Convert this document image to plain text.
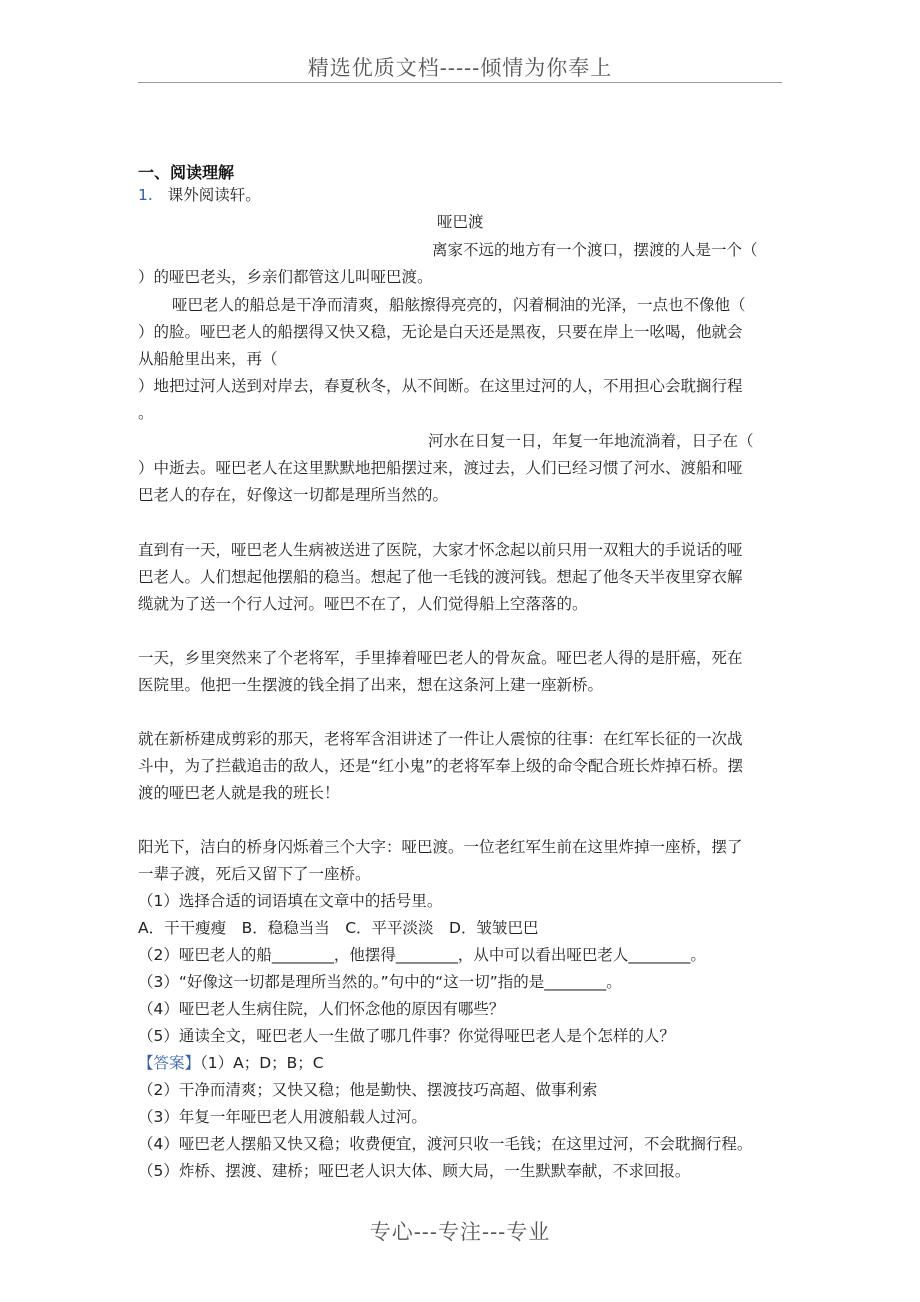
精选优质文档-----倾情为你奉上
一、阅读理解
1. 课外阅读轩。
哑巴渡
离家不远的地方有一个渡口，摆渡的人是一个（
）的哑巴老头，乡亲们都管这儿叫哑巴渡。
哑巴老人的船总是干净而清爽，船舷擦得亮亮的，闪着桐油的光泽，一点也不像他（
）的脸。哑巴老人的船摆得又快又稳，无论是白天还是黑夜，只要在岸上一吆喝，他就会
从船舱里出来，再（
）地把过河人送到对岸去，春夏秋冬，从不间断。在这里过河的人，不用担心会耽搁行程
。
河水在日复一日，年复一年地流淌着，日子在（
）中逝去。哑巴老人在这里默默地把船摆过来，渡过去，人们已经习惯了河水、渡船和哑
巴老人的存在，好像这一切都是理所当然的。
直到有一天，哑巴老人生病被送进了医院，大家才怀念起以前只用一双粗大的手说话的哑
巴老人。人们想起他摆船的稳当。想起了他一毛钱的渡河钱。想起了他冬天半夜里穿衣解
缆就为了送一个行人过河。哑巴不在了，人们觉得船上空落落的。
一天，乡里突然来了个老将军，手里捧着哑巴老人的骨灰盒。哑巴老人得的是肝癌，死在
医院里。他把一生摆渡的钱全捐了出来，想在这条河上建一座新桥。
就在新桥建成剪彩的那天，老将军含泪讲述了一件让人震惊的往事：在红军长征的一次战
斗中，为了拦截追击的敌人，还是“红小鬼”的老将军奉上级的命令配合班长炸掉石桥。摆
渡的哑巴老人就是我的班长！
阳光下，洁白的桥身闪烁着三个大字：哑巴渡。一位老红军生前在这里炸掉一座桥，摆了
一辈子渡，死后又留下了一座桥。
（1）选择合适的词语填在文章中的括号里。
A．干干瘦瘦　B．稳稳当当　C．平平淡淡　D．皱皱巴巴
（2）哑巴老人的船________，他摆得________，从中可以看出哑巴老人________。
（3）“好像这一切都是理所当然的。”句中的“这一切”指的是________。
（4）哑巴老人生病住院，人们怀念他的原因有哪些？
（5）通读全文，哑巴老人一生做了哪几件事？你觉得哑巴老人是个怎样的人？
【答案】（1）A；D；B；C
（2）干净而清爽；又快又稳；他是勤快、摆渡技巧高超、做事利索
（3）年复一年哑巴老人用渡船载人过河。
（4）哑巴老人摆船又快又稳；收费便宜，渡河只收一毛钱；在这里过河，不会耽搁行程。
（5）炸桥、摆渡、建桥；哑巴老人识大体、顾大局，一生默默奉献，不求回报。
专心---专注---专业
